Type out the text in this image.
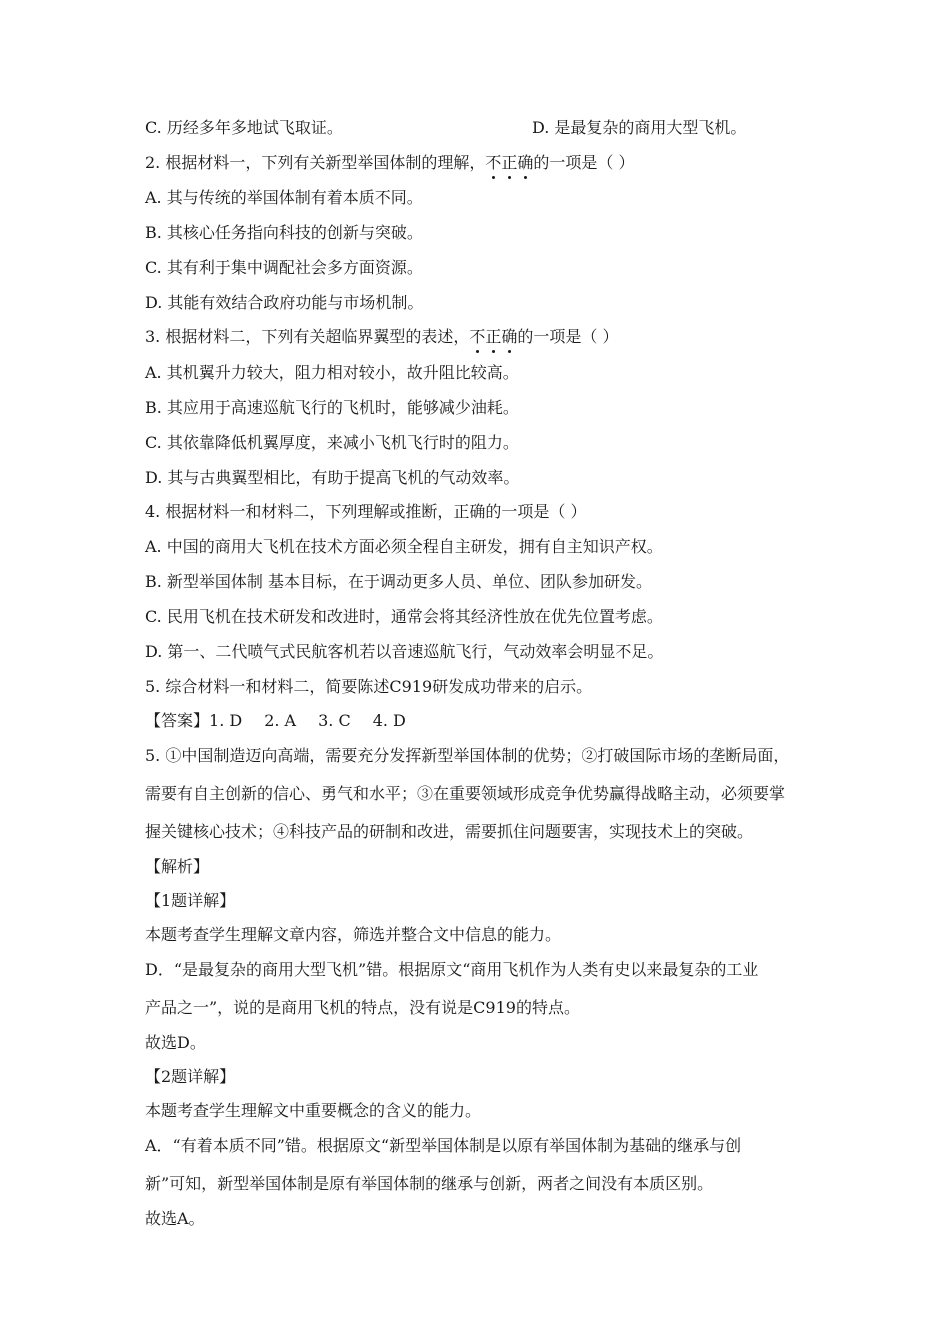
C. 历经多年多地试飞取证。	D. 是最复杂的商用大型飞机。
2. 根据材料一，下列有关新型举国体制的理解，不正确的一项是（ ）
A. 其与传统的举国体制有着本质不同。
B. 其核心任务指向科技的创新与突破。
C. 其有利于集中调配社会多方面资源。
D. 其能有效结合政府功能与市场机制。
3. 根据材料二，下列有关超临界翼型的表述，不正确的一项是（ ）
A. 其机翼升力较大，阻力相对较小，故升阻比较高。
B. 其应用于高速巡航飞行的飞机时，能够减少油耗。
C. 其依靠降低机翼厚度，来减小飞机飞行时的阻力。
D. 其与古典翼型相比，有助于提高飞机的气动效率。
4. 根据材料一和材料二，下列理解或推断，正确的一项是（ ）
A. 中国的商用大飞机在技术方面必须全程自主研发，拥有自主知识产权。
B. 新型举国体制 基本目标，在于调动更多人员、单位、团队参加研发。
C. 民用飞机在技术研发和改进时，通常会将其经济性放在优先位置考虑。
D. 第一、二代喷气式民航客机若以音速巡航飞行，气动效率会明显不足。
5. 综合材料一和材料二，简要陈述C919研发成功带来的启示。
【答案】1. D 2. A 3. C 4. D
5. ①中国制造迈向高端，需要充分发挥新型举国体制的优势；②打破国际市场的垄断局面，
需要有自主创新的信心、勇气和水平；③在重要领域形成竞争优势赢得战略主动，必须要掌
握关键核心技术；④科技产品的研制和改进，需要抓住问题要害，实现技术上的突破。
【解析】
【1题详解】
本题考查学生理解文章内容，筛选并整合文中信息的能力。
D．“是最复杂的商用大型飞机”错。根据原文“商用飞机作为人类有史以来最复杂的工业
产品之一”，说的是商用飞机的特点，没有说是C919的特点。
故选D。
【2题详解】
本题考查学生理解文中重要概念的含义的能力。
A．“有着本质不同”错。根据原文“新型举国体制是以原有举国体制为基础的继承与创
新”可知，新型举国体制是原有举国体制的继承与创新，两者之间没有本质区别。
故选A。
